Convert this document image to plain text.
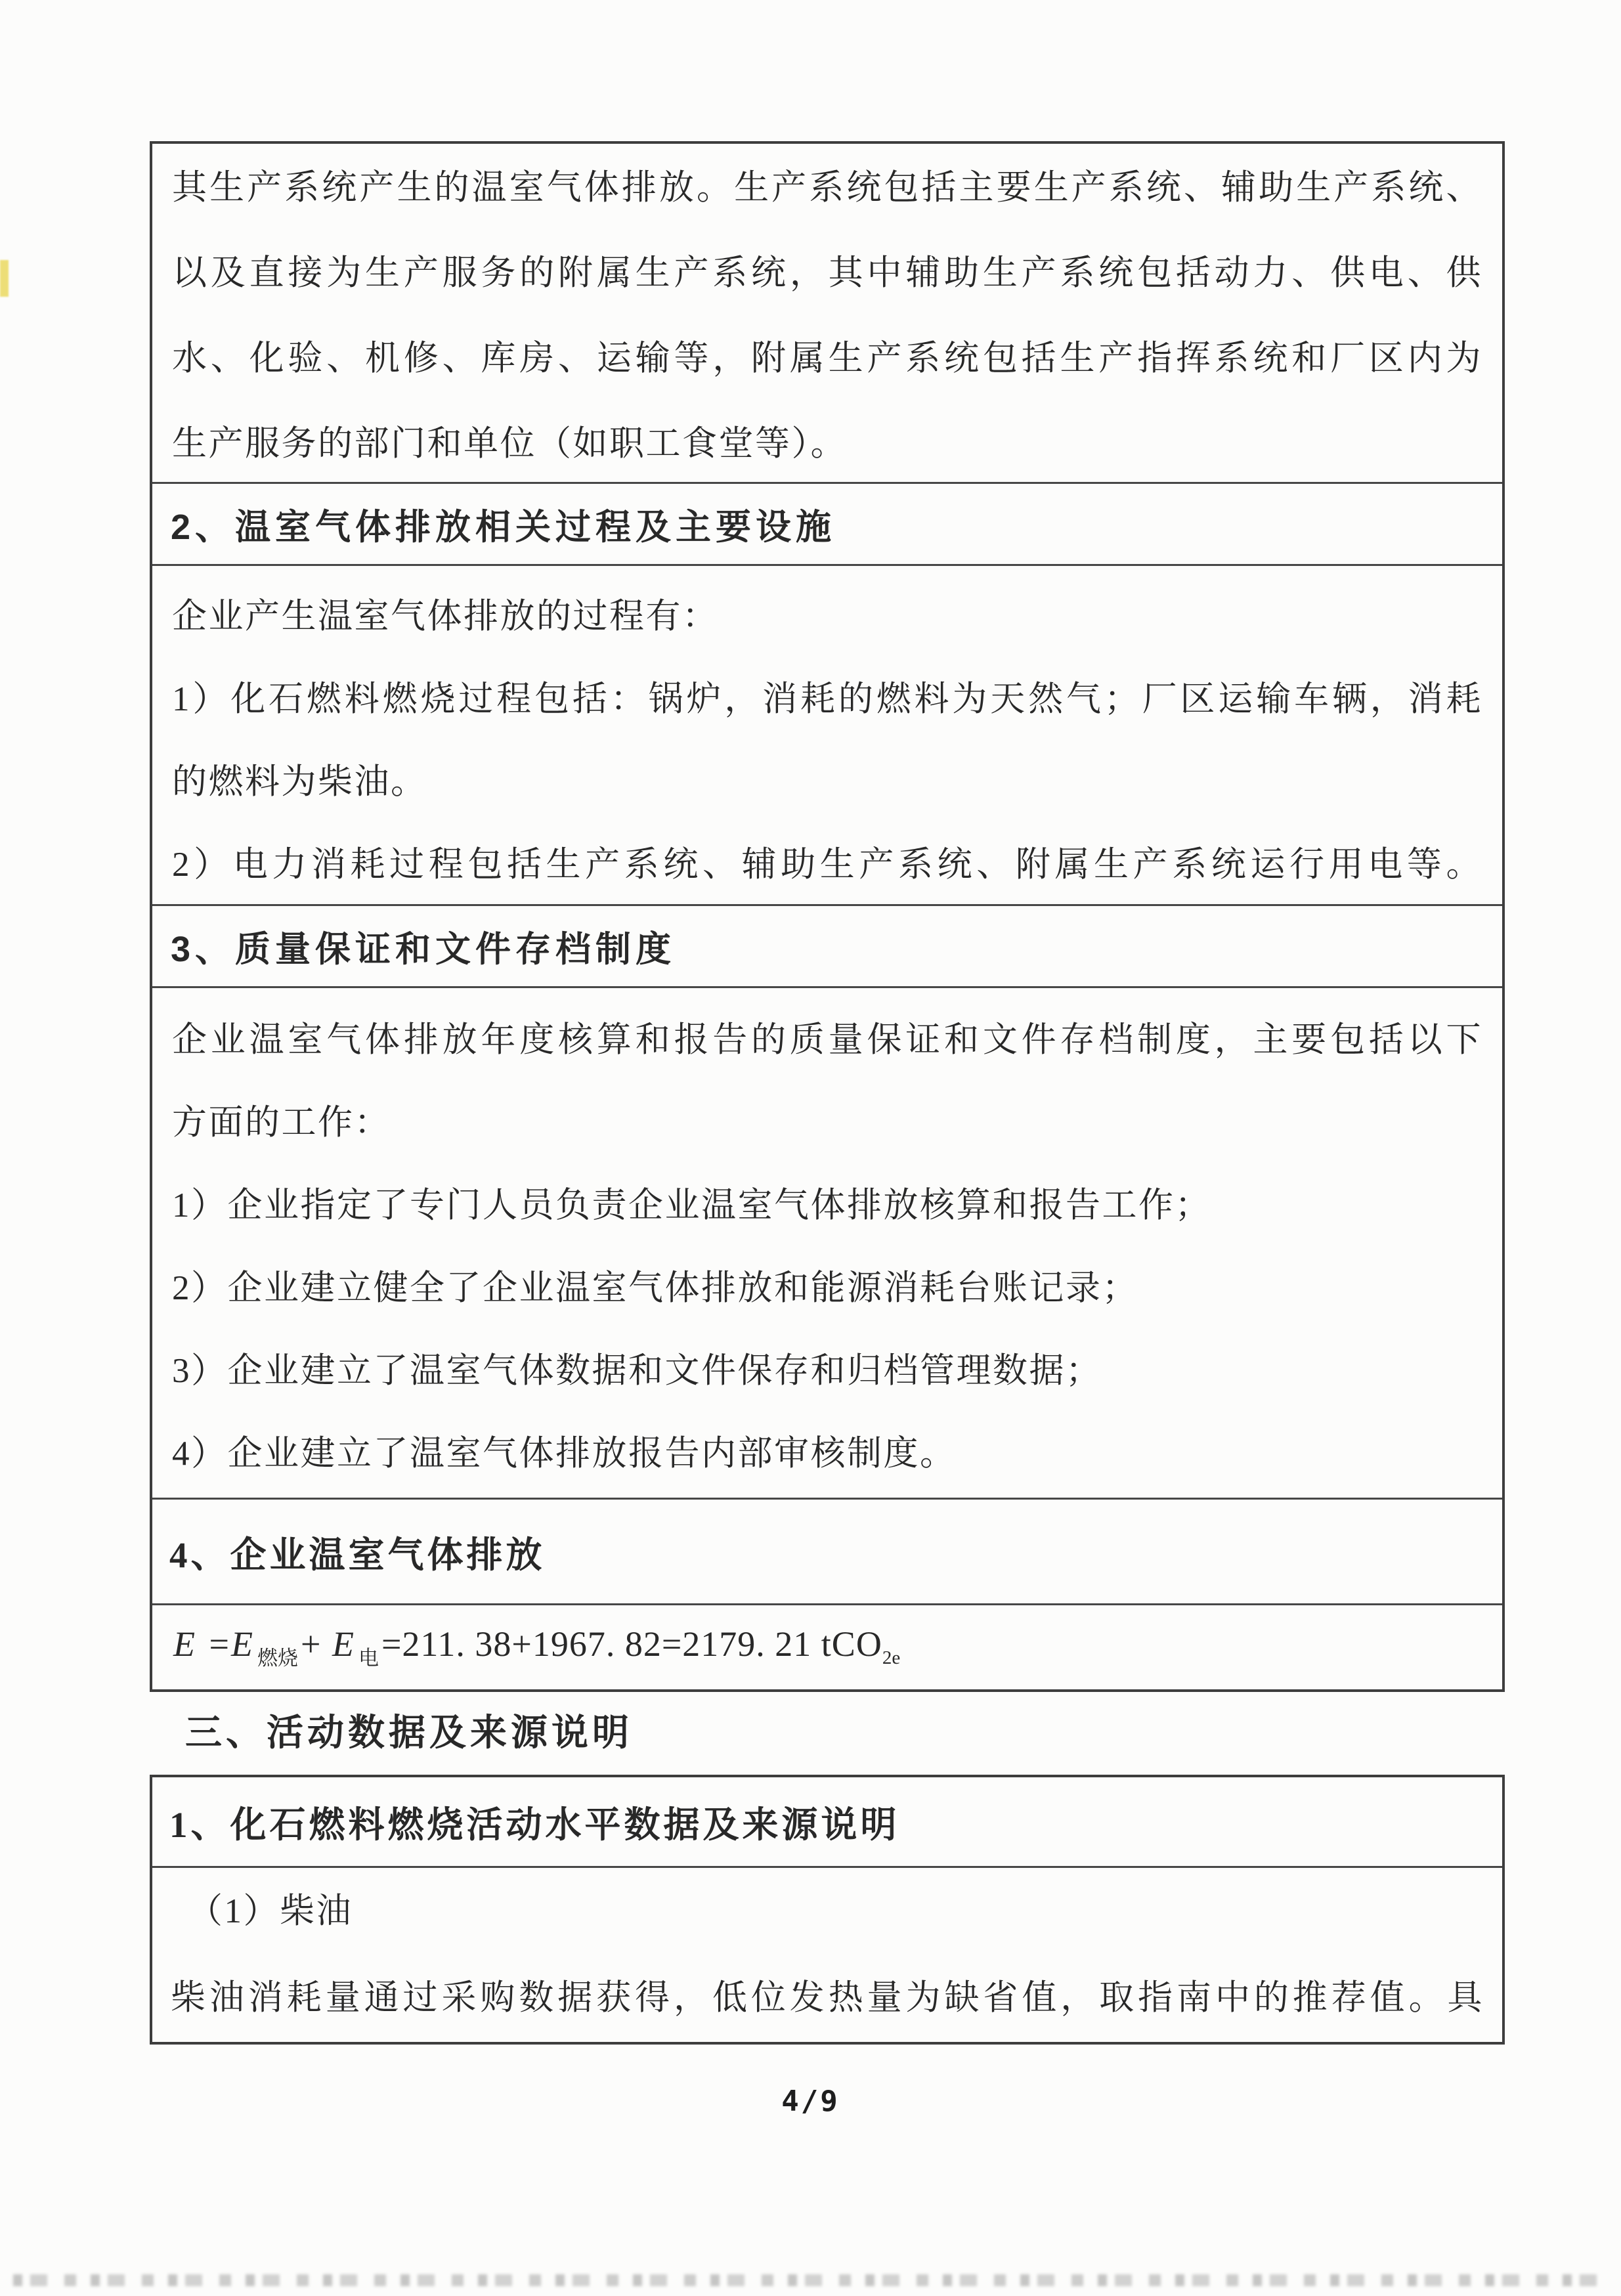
其生产系统产生的温室气体排放。生产系统包括主要生产系统、辅助生产系统、
以及直接为生产服务的附属生产系统，其中辅助生产系统包括动力、供电、供
水、化验、机修、库房、运输等，附属生产系统包括生产指挥系统和厂区内为
生产服务的部门和单位（如职工食堂等）。
2、温室气体排放相关过程及主要设施
企业产生温室气体排放的过程有：
1）化石燃料燃烧过程包括：锅炉，消耗的燃料为天然气；厂区运输车辆，消耗
的燃料为柴油。
2）电力消耗过程包括生产系统、辅助生产系统、附属生产系统运行用电等。
3、质量保证和文件存档制度
企业温室气体排放年度核算和报告的质量保证和文件存档制度，主要包括以下
方面的工作：
1）企业指定了专门人员负责企业温室气体排放核算和报告工作；
2）企业建立健全了企业温室气体排放和能源消耗台账记录；
3）企业建立了温室气体数据和文件保存和归档管理数据；
4）企业建立了温室气体排放报告内部审核制度。
4、企业温室气体排放
E =E $_{燃烧}$+ E $_电$=211. 38+1967. 82=2179. 21 tCO$_{2e}$
三、活动数据及来源说明
1、化石燃料燃烧活动水平数据及来源说明
（1）柴油
柴油消耗量通过采购数据获得，低位发热量为缺省值，取指南中的推荐值。具
4/9
